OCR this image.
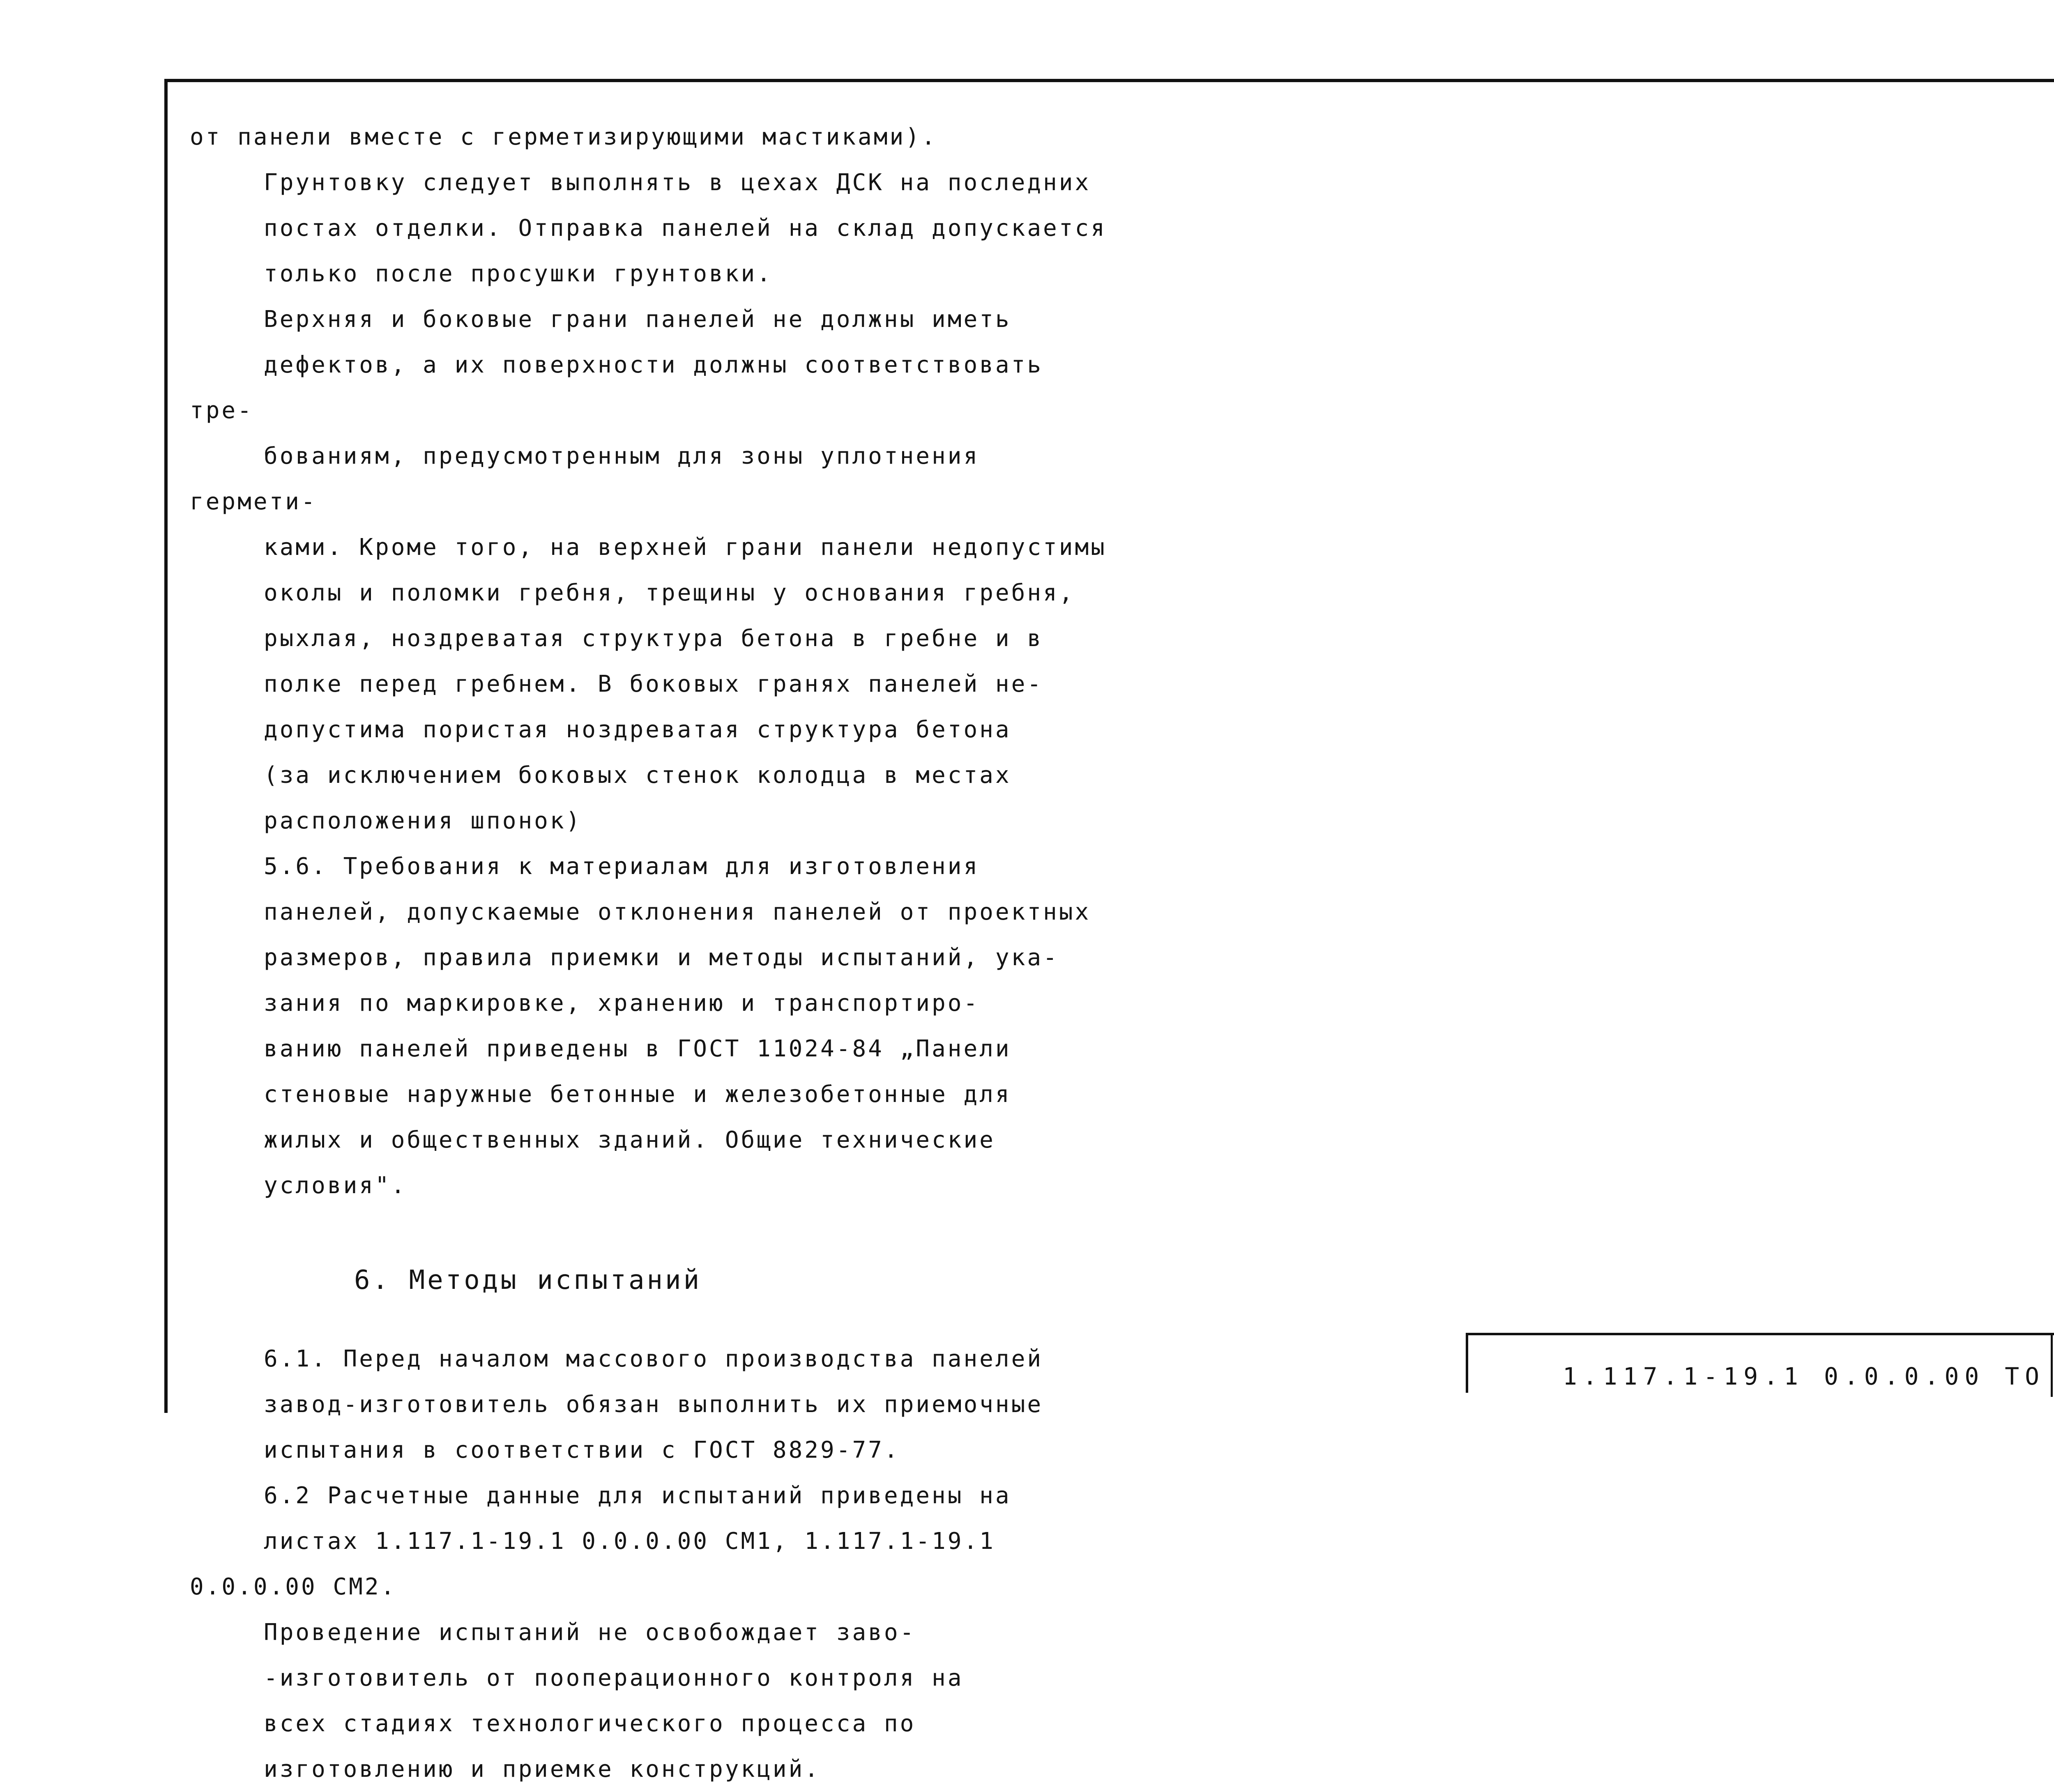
от панели вместе с герметизирующими мастиками).
Грунтовку следует выполнять в цехах ДСК на последних
постах отделки. Отправка панелей на склад допускается
только после просушки грунтовки.
Верхняя и боковые грани панелей не должны иметь
дефектов, а их поверхности должны соответствовать тре-
бованиям, предусмотренным для зоны уплотнения гермети-
ками. Кроме того, на верхней грани панели недопустимы
околы и поломки гребня, трещины у основания гребня,
рыхлая, ноздреватая структура бетона в гребне и в
полке перед гребнем. В боковых гранях панелей не-
допустима пористая ноздреватая структура бетона
(за исключением боковых стенок колодца в местах
расположения шпонок)
5.6. Требования к материалам для изготовления
панелей, допускаемые отклонения панелей от проектных
размеров, правила приемки и методы испытаний, ука-
зания по маркировке, хранению и транспортиро-
ванию панелей приведены в ГОСТ 11024-84 „Панели
стеновые наружные бетонные и железобетонные для
жилых и общественных зданий. Общие технические
условия".
6. Методы испытаний
6.1. Перед началом массового производства панелей
завод-изготовитель обязан выполнить их приемочные
испытания в соответствии с ГОСТ 8829-77.
6.2 Расчетные данные для испытаний приведены на
листах 1.117.1-19.1 0.0.0.00 СМ1, 1.117.1-19.1 0.0.0.00 СМ2.
Проведение испытаний не освобождает заво-
-изготовитель от пооперационного контроля на
всех стадиях технологического процесса по
изготовлению и приемке конструкций.
1.117.1-19.1 0.0.0.00 ТО
